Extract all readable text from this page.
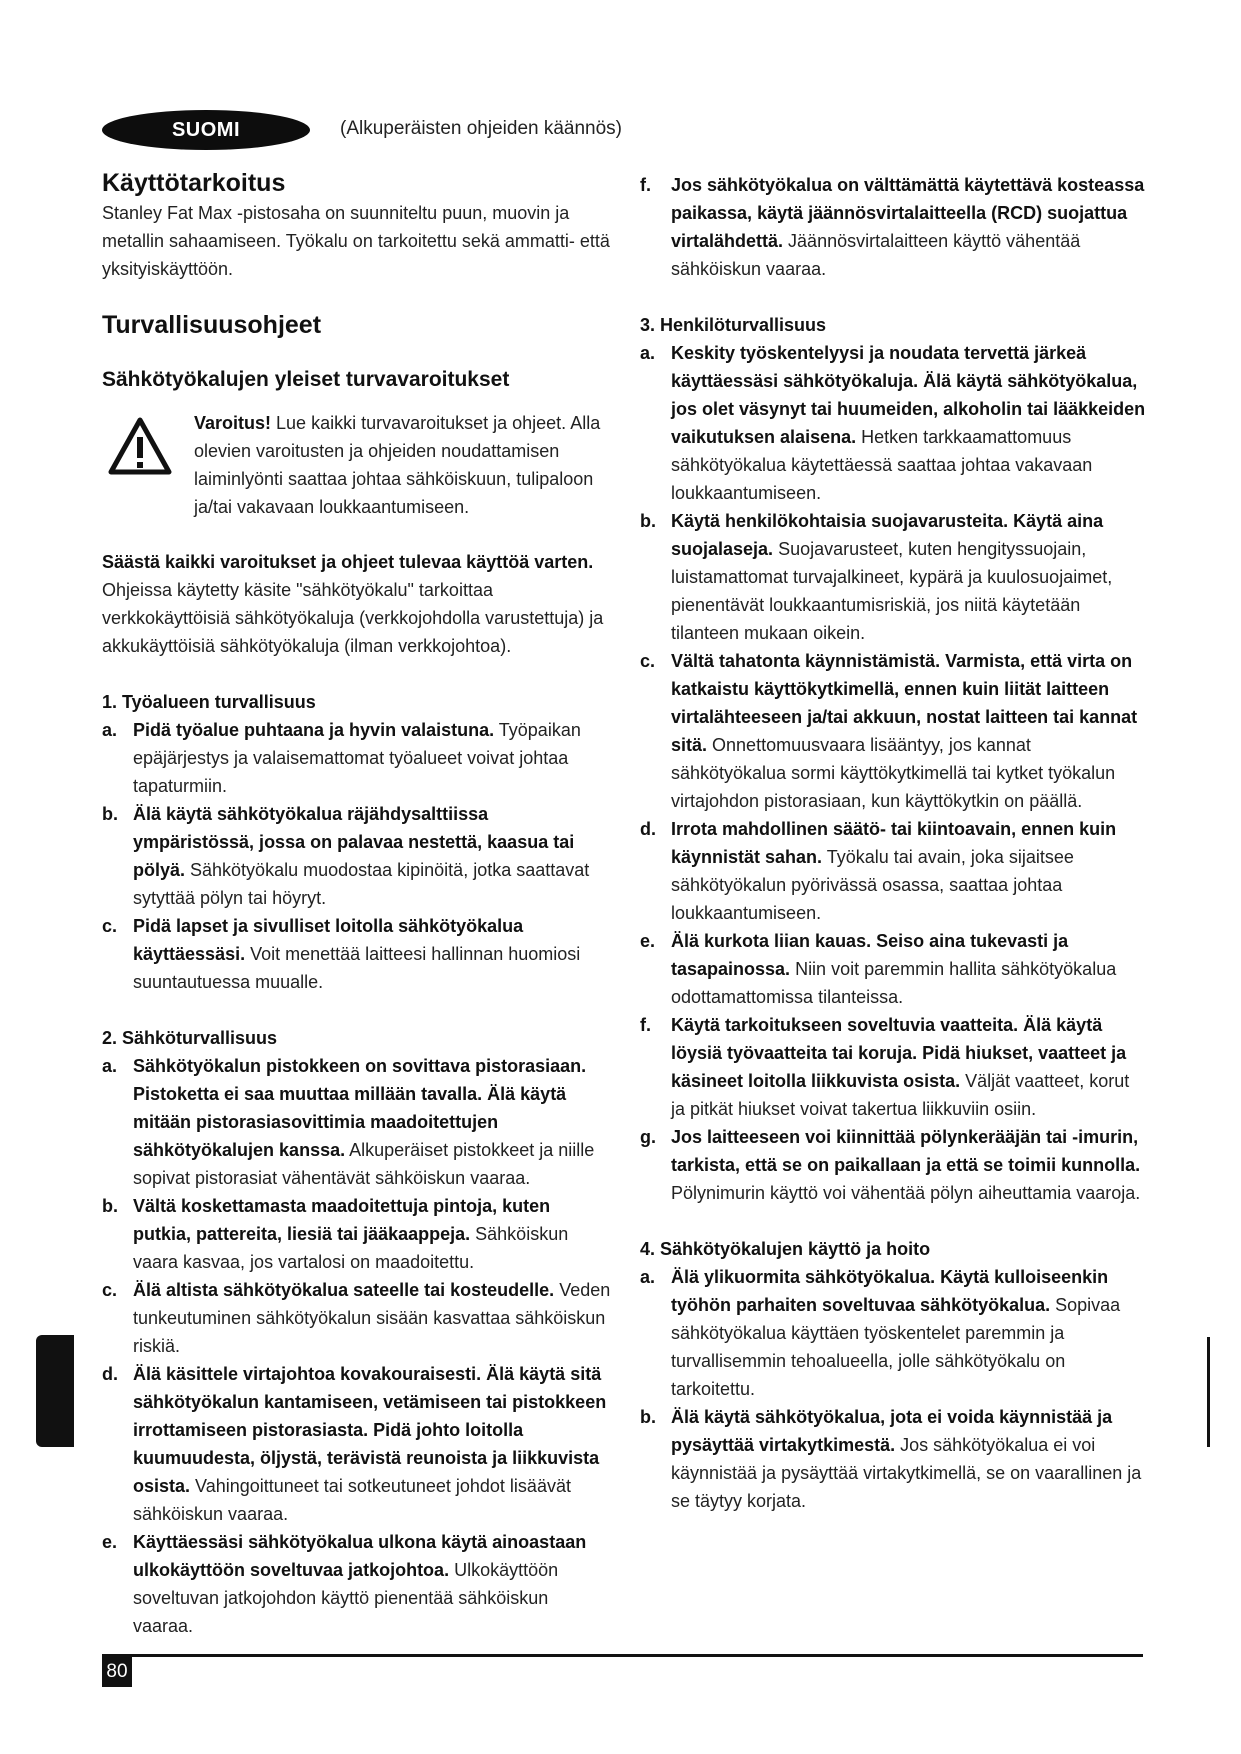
SUOMI	(Alkuperäisten ohjeiden käännös)
Käyttötarkoitus

Stanley Fat Max -pistosaha on suunniteltu puun, muovin ja metallin sahaamiseen. Työkalu on tarkoitettu sekä ammatti- että yksityiskäyttöön.

Turvallisuusohjeet
Sähkötyökalujen yleiset turvavaroitukset

Varoitus! Lue kaikki turvavaroitukset ja ohjeet. Alla olevien varoitusten ja ohjeiden noudattamisen laiminlyönti saattaa johtaa sähköiskuun, tulipaloon ja/tai vakavaan loukkaantumiseen.

Säästä kaikki varoitukset ja ohjeet tulevaa käyttöä varten. Ohjeissa käytetty käsite "sähkötyökalu" tarkoittaa verkkokäyttöisiä sähkötyökaluja (verkkojohdolla varustettuja) ja akkukäyttöisiä sähkötyökaluja (ilman verkkojohtoa).

1. Työalueen turvallisuus
a. Pidä työalue puhtaana ja hyvin valaistuna. Työpaikan epäjärjestys ja valaisemattomat työalueet voivat johtaa tapaturmiin.
b. Älä käytä sähkötyökalua räjähdysalttiissa ympäristössä, jossa on palavaa nestettä, kaasua tai pölyä. Sähkötyökalu muodostaa kipinöitä, jotka saattavat sytyttää pölyn tai höyryt.
c. Pidä lapset ja sivulliset loitolla sähkötyökalua käyttäessäsi. Voit menettää laitteesi hallinnan huomiosi suuntautuessa muualle.
2. Sähköturvallisuus
a. Sähkötyökalun pistokkeen on sovittava pistorasiaan. Pistoketta ei saa muuttaa millään tavalla. Älä käytä mitään pistorasiasovittimia maadoitettujen sähkötyökalujen kanssa. Alkuperäiset pistokkeet ja niille sopivat pistorasiat vähentävät sähköiskun vaaraa.
b. Vältä koskettamasta maadoitettuja pintoja, kuten putkia, pattereita, liesiä tai jääkaappeja. Sähköiskun vaara kasvaa, jos vartalosi on maadoitettu.
c. Älä altista sähkötyökalua sateelle tai kosteudelle. Veden tunkeutuminen sähkötyökalun sisään kasvattaa sähköiskun riskiä.
d. Älä käsittele virtajohtoa kovakouraisesti. Älä käytä sitä sähkötyökalun kantamiseen, vetämiseen tai pistokkeen irrottamiseen pistorasiasta. Pidä johto loitolla kuumuudesta, öljystä, terävistä reunoista ja liikkuvista osista. Vahingoittuneet tai sotkeutuneet johdot lisäävät sähköiskun vaaraa.
e. Käyttäessäsi sähkötyökalua ulkona käytä ainoastaan ulkokäyttöön soveltuvaa jatkojohtoa. Ulkokäyttöön soveltuvan jatkojohdon käyttö pienentää sähköiskun vaaraa.
f. Jos sähkötyökalua on välttämättä käytettävä kosteassa paikassa, käytä jäännösvirtalaitteella (RCD) suojattua virtalähdettä. Jäännösvirtalaitteen käyttö vähentää sähköiskun vaaraa.
3. Henkilöturvallisuus
a. Keskity työskentelyysi ja noudata tervettä järkeä käyttäessäsi sähkötyökaluja. Älä käytä sähkötyökalua, jos olet väsynyt tai huumeiden, alkoholin tai lääkkeiden vaikutuksen alaisena. Hetken tarkkaamattomuus sähkötyökalua käytettäessä saattaa johtaa vakavaan loukkaantumiseen.
b. Käytä henkilökohtaisia suojavarusteita. Käytä aina suojalaseja. Suojavarusteet, kuten hengityssuojain, luistamattomat turvajalkineet, kypärä ja kuulosuojaimet, pienentävät loukkaantumisriskiä, jos niitä käytetään tilanteen mukaan oikein.
c. Vältä tahatonta käynnistämistä. Varmista, että virta on katkaistu käyttökytkimellä, ennen kuin liität laitteen virtalähteeseen ja/tai akkuun, nostat laitteen tai kannat sitä. Onnettomuusvaara lisääntyy, jos kannat sähkötyökalua sormi käyttökytkimellä tai kytket työkalun virtajohdon pistorasiaan, kun käyttökytkin on päällä.
d. Irrota mahdollinen säätö- tai kiintoavain, ennen kuin käynnistät sahan. Työkalu tai avain, joka sijaitsee sähkötyökalun pyörivässä osassa, saattaa johtaa loukkaantumiseen.
e. Älä kurkota liian kauas. Seiso aina tukevasti ja tasapainossa. Niin voit paremmin hallita sähkötyökalua odottamattomissa tilanteissa.
f. Käytä tarkoitukseen soveltuvia vaatteita. Älä käytä löysiä työvaatteita tai koruja. Pidä hiukset, vaatteet ja käsineet loitolla liikkuvista osista. Väljät vaatteet, korut ja pitkät hiukset voivat takertua liikkuviin osiin.
g. Jos laitteeseen voi kiinnittää pölynkerääjän tai -imurin, tarkista, että se on paikallaan ja että se toimii kunnolla. Pölynimurin käyttö voi vähentää pölyn aiheuttamia vaaroja.
4. Sähkötyökalujen käyttö ja hoito
a. Älä ylikuormita sähkötyökalua. Käytä kulloiseenkin työhön parhaiten soveltuvaa sähkötyökalua. Sopivaa sähkötyökalua käyttäen työskentelet paremmin ja turvallisemmin tehoalueella, jolle sähkötyökalu on tarkoitettu.
b. Älä käytä sähkötyökalua, jota ei voida käynnistää ja pysäyttää virtakytkimestä. Jos sähkötyökalua ei voi käynnistää ja pysäyttää virtakytkimellä, se on vaarallinen ja se täytyy korjata.
80
